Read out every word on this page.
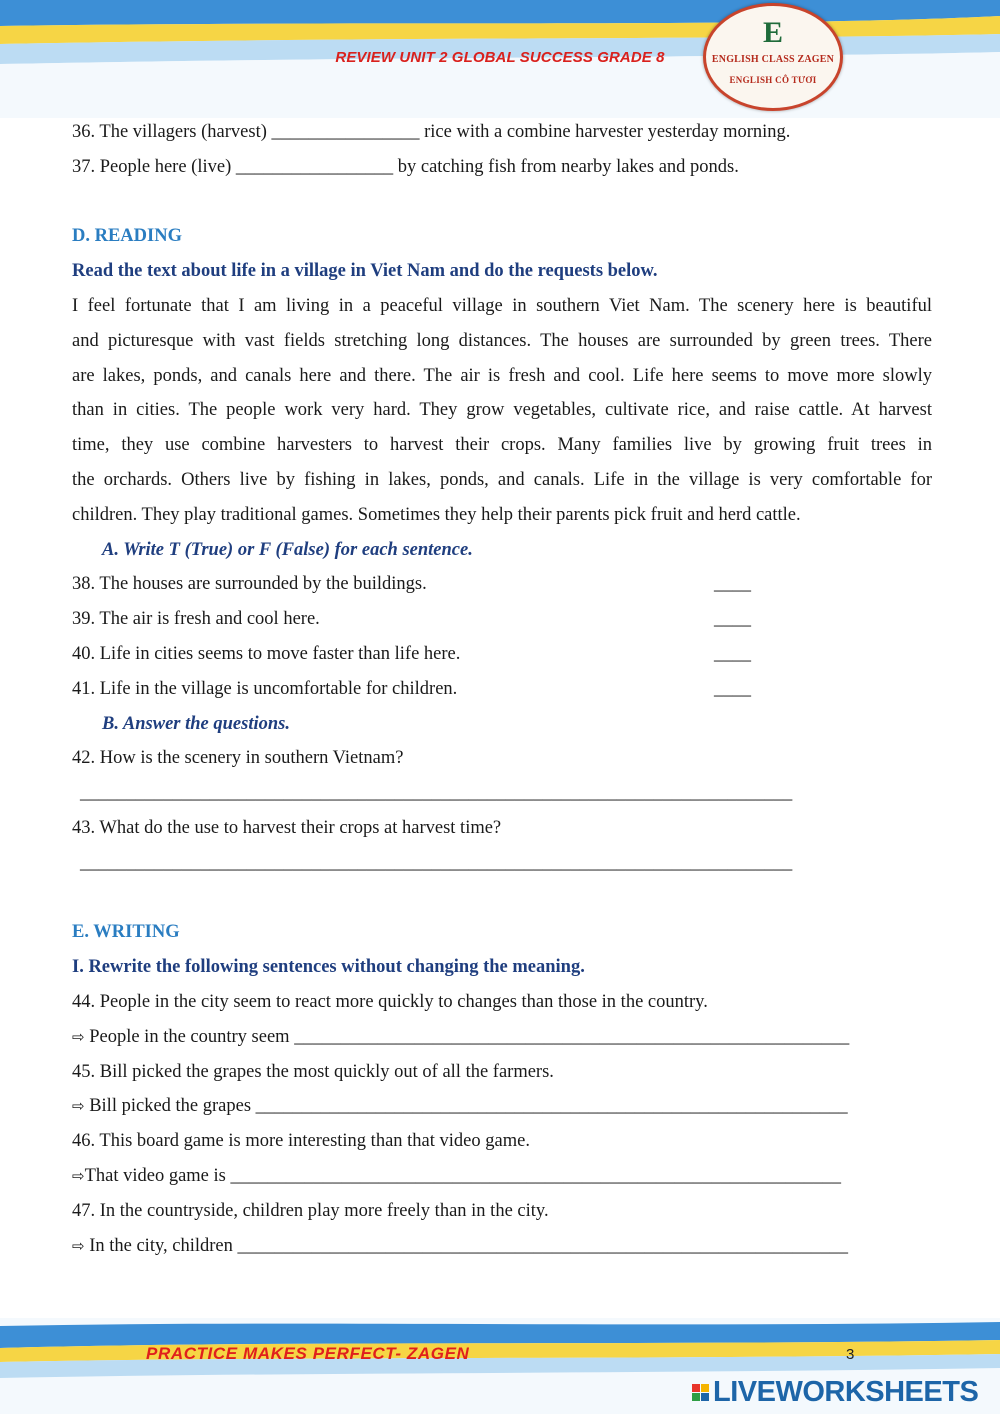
REVIEW UNIT 2 GLOBAL SUCCESS GRADE 8
E
ENGLISH CLASS ZAGEN
ENGLISH CÔ TƯƠI
36. The villagers (harvest) ________________ rice with a combine harvester yesterday morning.
37. People here (live) _________________ by catching fish from nearby lakes and ponds.
D. READING
Read the text about life in a village in Viet Nam and do the requests below.
I feel fortunate that I am living in a peaceful village in southern Viet Nam. The scenery here is beautiful
and picturesque with vast fields stretching long distances. The houses are surrounded by green trees. There
are lakes, ponds, and canals here and there. The air is fresh and cool. Life here seems to move more slowly
than in cities. The people work very hard. They grow vegetables, cultivate rice, and raise cattle. At harvest
time, they use combine harvesters to harvest their crops. Many families live by growing fruit trees in
the orchards. Others live by fishing in lakes, ponds, and canals. Life in the village is very comfortable for
children. They play traditional games. Sometimes they help their parents pick fruit and herd cattle.
A. Write T (True) or F (False) for each sentence.
38. The houses are surrounded by the buildings.	____
39. The air is fresh and cool here.	____
40. Life in cities seems to move faster than life here.	____
41. Life in the village is uncomfortable for children.	____
B. Answer the questions.
42. How is the scenery in southern Vietnam?
_____________________________________________________________________________
43. What do the use to harvest their crops at harvest time?
_____________________________________________________________________________
E. WRITING
I. Rewrite the following sentences without changing the meaning.
44. People in the city seem to react more quickly to changes than those in the country.
⇨ People in the country seem ____________________________________________________________
45. Bill picked the grapes the most quickly out of all the farmers.
⇨ Bill picked the grapes ________________________________________________________________
46. This board game is more interesting than that video game.
⇨That video game is __________________________________________________________________
47. In the countryside, children play more freely than in the city.
⇨ In the city, children __________________________________________________________________
PRACTICE MAKES PERFECT- ZAGEN	3
LIVEWORKSHEETS
